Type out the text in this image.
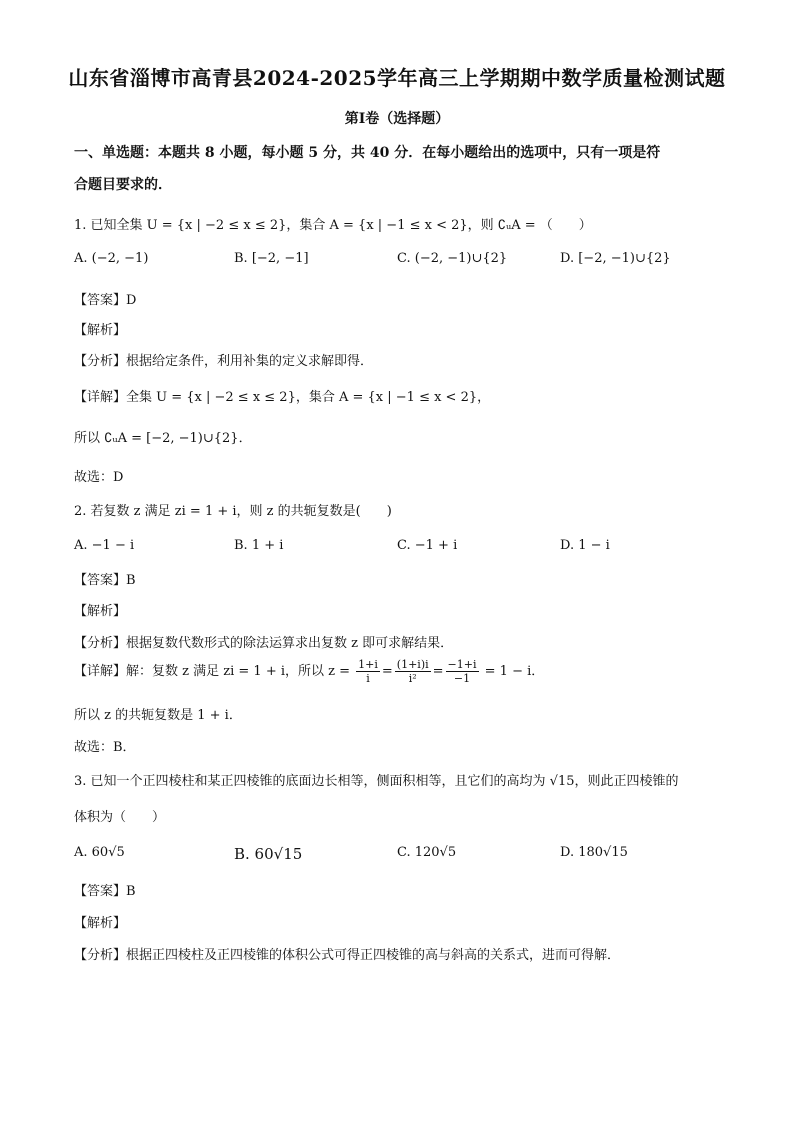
山东省淄博市高青县2024-2025学年高三上学期期中数学质量检测试题
第Ⅰ卷（选择题）
一、单选题：本题共 8 小题，每小题 5 分，共 40 分．在每小题给出的选项中，只有一项是符
合题目要求的．
1. 已知全集 U = {x | −2 ≤ x ≤ 2}，集合 A = {x | −1 ≤ x < 2}，则 ∁ᵤA = （　　）
A. (−2, −1)	B. [−2, −1]	C. (−2, −1)∪{2}	D. [−2, −1)∪{2}
【答案】D
【解析】
【分析】根据给定条件，利用补集的定义求解即得．
【详解】全集 U = {x | −2 ≤ x ≤ 2}，集合 A = {x | −1 ≤ x < 2}，
所以 ∁ᵤA = [−2, −1)∪{2}．
故选：D
2. 若复数 z 满足 zi = 1 + i，则 z 的共轭复数是(　　)
A. −1 − i	B. 1 + i	C. −1 + i	D. 1 − i
【答案】B
【解析】
【分析】根据复数代数形式的除法运算求出复数 z 即可求解结果．
【详解】解：复数 z 满足 zi = 1 + i，所以 $z = \frac{1+i}{i} = \frac{(1+i)i}{\text{i²}} = \frac{-1+i}{-1} = 1 - i$．
所以 z 的共轭复数是 1 + i．
故选：B．
3. 已知一个正四棱柱和某正四棱锥的底面边长相等，侧面积相等，且它们的高均为 √15，则此正四棱锥的
体积为（　　）
A. 60√5	B. 60√15	C. 120√5	D. 180√15
【答案】B
【解析】
【分析】根据正四棱柱及正四棱锥的体积公式可得正四棱锥的高与斜高的关系式，进而可得解．
